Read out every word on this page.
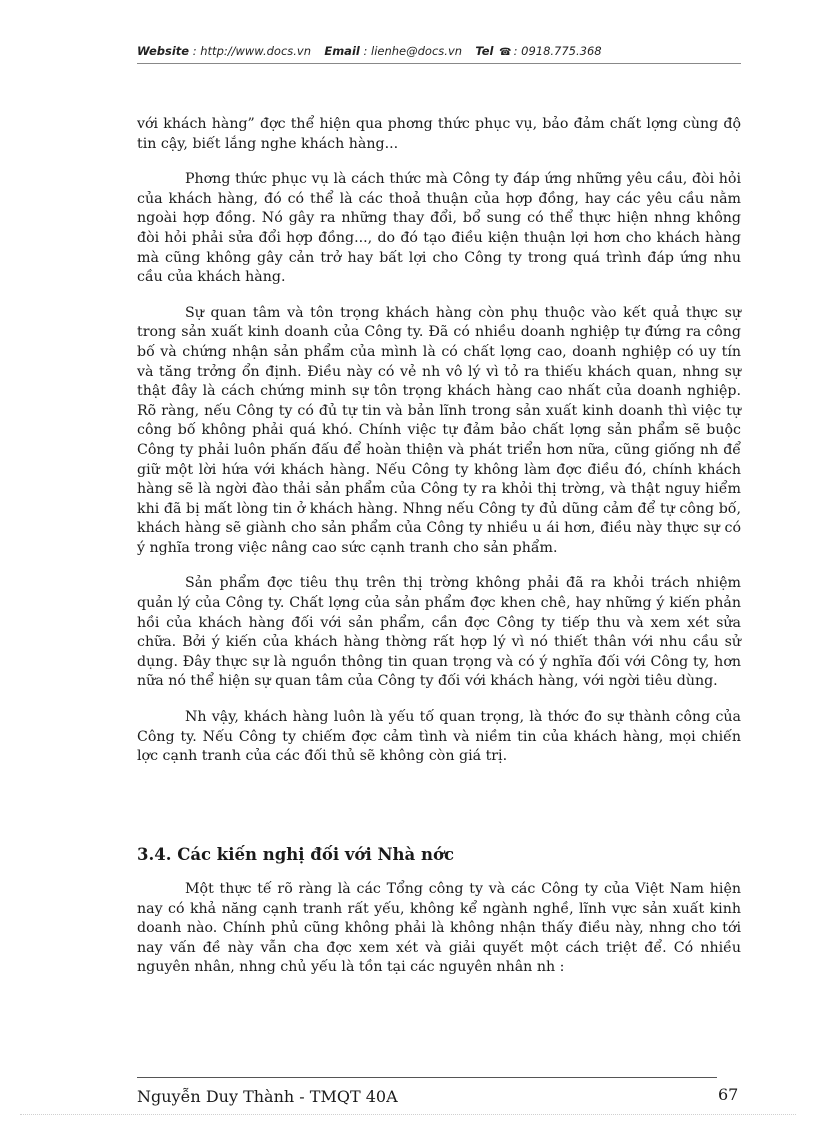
Website : http://www.docs.vn Email : lienhe@docs.vn Tel ☎ : 0918.775.368

với khách hàng” đợc thể hiện qua phơng thức phục vụ, bảo đảm chất lợng cùng độ tin cậy, biết lắng nghe khách hàng...

Phơng thức phục vụ là cách thức mà Công ty đáp ứng những yêu cầu, đòi hỏi của khách hàng, đó có thể là các thoả thuận của hợp đồng, hay các yêu cầu nằm ngoài hợp đồng. Nó gây ra những thay đổi, bổ sung có thể thực hiện nhng không đòi hỏi phải sửa đổi hợp đồng..., do đó tạo điều kiện thuận lợi hơn cho khách hàng mà cũng không gây cản trở hay bất lợi cho Công ty trong quá trình đáp ứng nhu cầu của khách hàng.

Sự quan tâm và tôn trọng khách hàng còn phụ thuộc vào kết quả thực sự trong sản xuất kinh doanh của Công ty. Đã có nhiều doanh nghiệp tự đứng ra công bố và chứng nhận sản phẩm của mình là có chất lợng cao, doanh nghiệp có uy tín và tăng trởng ổn định. Điều này có vẻ nh vô lý vì tỏ ra thiếu khách quan, nhng sự thật đây là cách chứng minh sự tôn trọng khách hàng cao nhất của doanh nghiệp. Rõ ràng, nếu Công ty có đủ tự tin và bản lĩnh trong sản xuất kinh doanh thì việc tự công bố không phải quá khó. Chính việc tự đảm bảo chất lợng sản phẩm sẽ buộc Công ty phải luôn phấn đấu để hoàn thiện và phát triển hơn nữa, cũng giống nh để giữ một lời hứa với khách hàng. Nếu Công ty không làm đợc điều đó, chính khách hàng sẽ là ngời đào thải sản phẩm của Công ty ra khỏi thị trờng, và thật nguy hiểm khi đã bị mất lòng tin ở khách hàng. Nhng nếu Công ty đủ dũng cảm để tự công bố, khách hàng sẽ giành cho sản phẩm của Công ty nhiều u ái hơn, điều này thực sự có ý nghĩa trong việc nâng cao sức cạnh tranh cho sản phẩm.

Sản phẩm đợc tiêu thụ trên thị trờng không phải đã ra khỏi trách nhiệm quản lý của Công ty. Chất lợng của sản phẩm đợc khen chê, hay những ý kiến phản hồi của khách hàng đối với sản phẩm, cần đợc Công ty tiếp thu và xem xét sửa chữa. Bởi ý kiến của khách hàng thờng rất hợp lý vì nó thiết thân với nhu cầu sử dụng. Đây thực sự là nguồn thông tin quan trọng và có ý nghĩa đối với Công ty, hơn nữa nó thể hiện sự quan tâm của Công ty đối với khách hàng, với ngời tiêu dùng.

Nh vậy, khách hàng luôn là yếu tố quan trọng, là thớc đo sự thành công của Công ty. Nếu Công ty chiếm đợc cảm tình và niềm tin của khách hàng, mọi chiến lợc cạnh tranh của các đối thủ sẽ không còn giá trị.

3.4. Các kiến nghị đối với Nhà nớc

Một thực tế rõ ràng là các Tổng công ty và các Công ty của Việt Nam hiện nay có khả năng cạnh tranh rất yếu, không kể ngành nghề, lĩnh vực sản xuất kinh doanh nào. Chính phủ cũng không phải là không nhận thấy điều này, nhng cho tới nay vấn đề này vẫn cha đợc xem xét và giải quyết một cách triệt để. Có nhiều nguyên nhân, nhng chủ yếu là tồn tại các nguyên nhân nh :

Nguyễn Duy Thành - TMQT 40A	67
